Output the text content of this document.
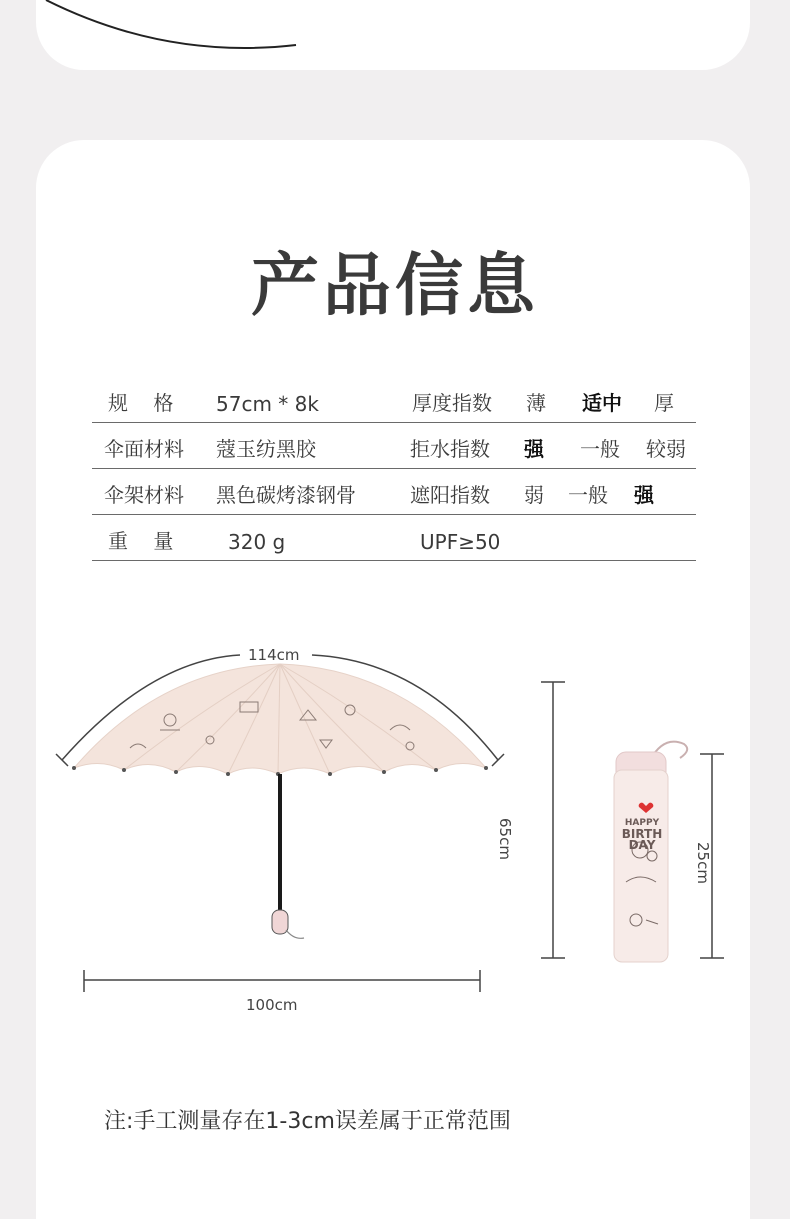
产品信息
规    格 57cm * 8k	厚度指数 薄 适中 厚
伞面材料 蔻玉纺黑胶	拒水指数 强 一般 较弱
伞架材料 黑色碳烤漆钢骨	遮阳指数 弱 一般 强
重    量	320 g	UPF≥50
114cm
100cm
65cm
25cm
HAPPY
BIRTH
DAY
注:手工测量存在1-3cm误差属于正常范围
